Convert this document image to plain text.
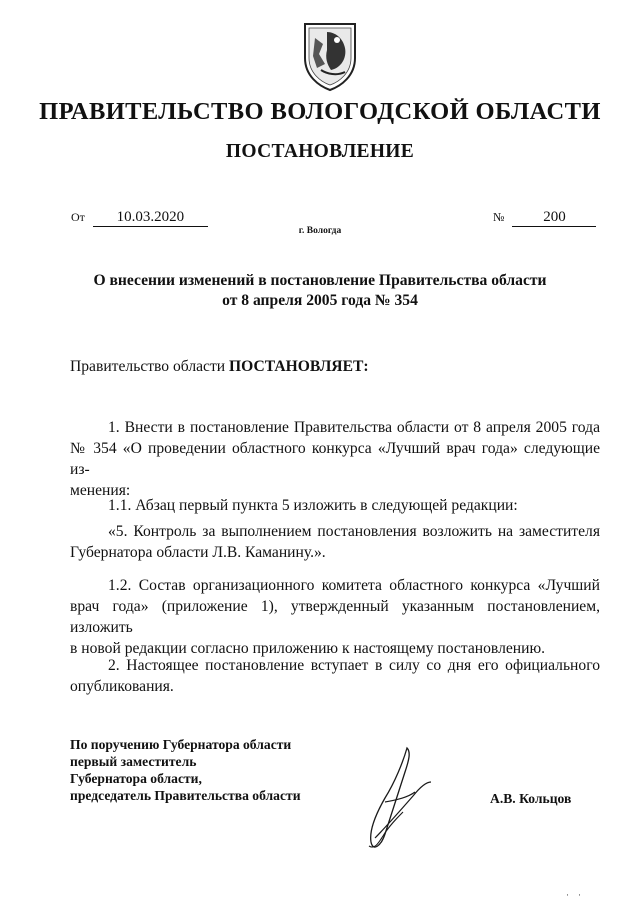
ПРАВИТЕЛЬСТВО ВОЛОГОДСКОЙ ОБЛАСТИ
ПОСТАНОВЛЕНИЕ
От 10.03.2020	№	200
г. Вологда
О внесении изменений в постановление Правительства области
от 8 апреля 2005 года № 354
Правительство области ПОСТАНОВЛЯЕТ:
1. Внести в постановление Правительства области от 8 апреля 2005 года
№ 354 «О проведении областного конкурса «Лучший врач года» следующие из-
менения:
1.1. Абзац первый пункта 5 изложить в следующей редакции:
«5. Контроль за выполнением постановления возложить на заместителя
Губернатора области Л.В. Каманину.».
1.2. Состав организационного комитета областного конкурса «Лучший
врач года» (приложение 1), утвержденный указанным постановлением, изложить
в новой редакции согласно приложению к настоящему постановлению.
2. Настоящее постановление вступает в силу со дня его официального
опубликования.
По поручению Губернатора области
первый заместитель
Губернатора области,
председатель Правительства области	А.В. Кольцов
· ·
